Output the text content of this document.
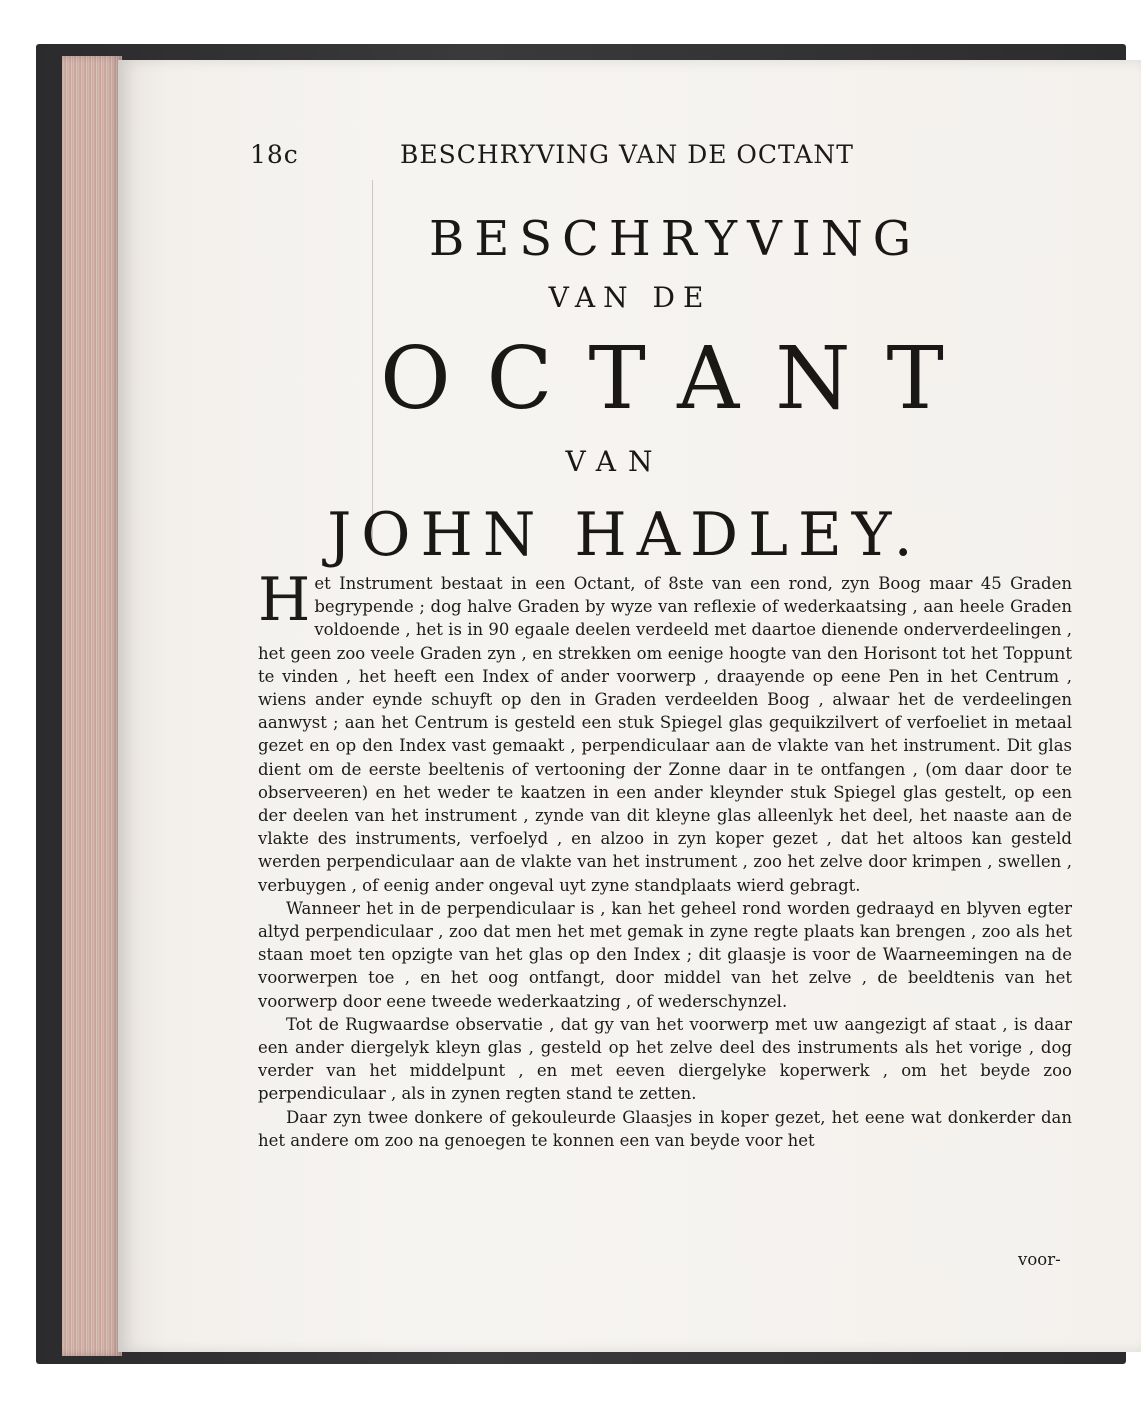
18c	BESCHRYVING VAN DE OCTANT
BESCHRYVING
VAN DE
OCTANT
VAN
JOHN HADLEY.

H et Instrument bestaat in een Octant, of 8ste van een rond, zyn Boog maar 45 Graden begrypende ; dog halve Graden by wyze van reflexie of wederkaatsing , aan heele Graden voldoende , het is in 90 egaale deelen verdeeld met daartoe dienende onderverdeelingen , het geen zoo veele Graden zyn , en strekken om eenige hoogte van den Horisont tot het Toppunt te vinden , het heeft een Index of ander voorwerp , draayende op eene Pen in het Centrum , wiens ander eynde schuyft op den in Graden verdeelden Boog , alwaar het de verdeelingen aanwyst ; aan het Centrum is gesteld een stuk Spiegel glas gequikzilvert of verfoeliet in metaal gezet en op den Index vast gemaakt , perpendiculaar aan de vlakte van het instrument. Dit glas dient om de eerste beeltenis of vertooning der Zonne daar in te ontfangen , (om daar door te observeeren) en het weder te kaatzen in een ander kleynder stuk Spiegel glas gestelt, op een der deelen van het instrument , zynde van dit kleyne glas alleenlyk het deel, het naaste aan de vlakte des instruments, verfoelyd , en alzoo in zyn koper gezet , dat het altoos kan gesteld werden perpendiculaar aan de vlakte van het instrument , zoo het zelve door krimpen , swellen , verbuygen , of eenig ander ongeval uyt zyne standplaats wierd gebragt.

Wanneer het in de perpendiculaar is , kan het geheel rond worden gedraayd en blyven egter altyd perpendiculaar , zoo dat men het met gemak in zyne regte plaats kan brengen , zoo als het staan moet ten opzigte van het glas op den Index ; dit glaasje is voor de Waarneemingen na de voorwerpen toe , en het oog ontfangt, door middel van het zelve , de beeldtenis van het voorwerp door eene tweede wederkaatzing , of wederschynzel.

Tot de Rugwaardse observatie , dat gy van het voorwerp met uw aangezigt af staat , is daar een ander diergelyk kleyn glas , gesteld op het zelve deel des instruments als het vorige , dog verder van het middelpunt , en met eeven diergelyke koperwerk , om het beyde zoo perpendiculaar , als in zynen regten stand te zetten.

Daar zyn twee donkere of gekoulеurde Glaasjes in koper gezet, het eene wat donkerder dan het andere om zoo na genoegen te konnen een van beyde voor het

voor-
